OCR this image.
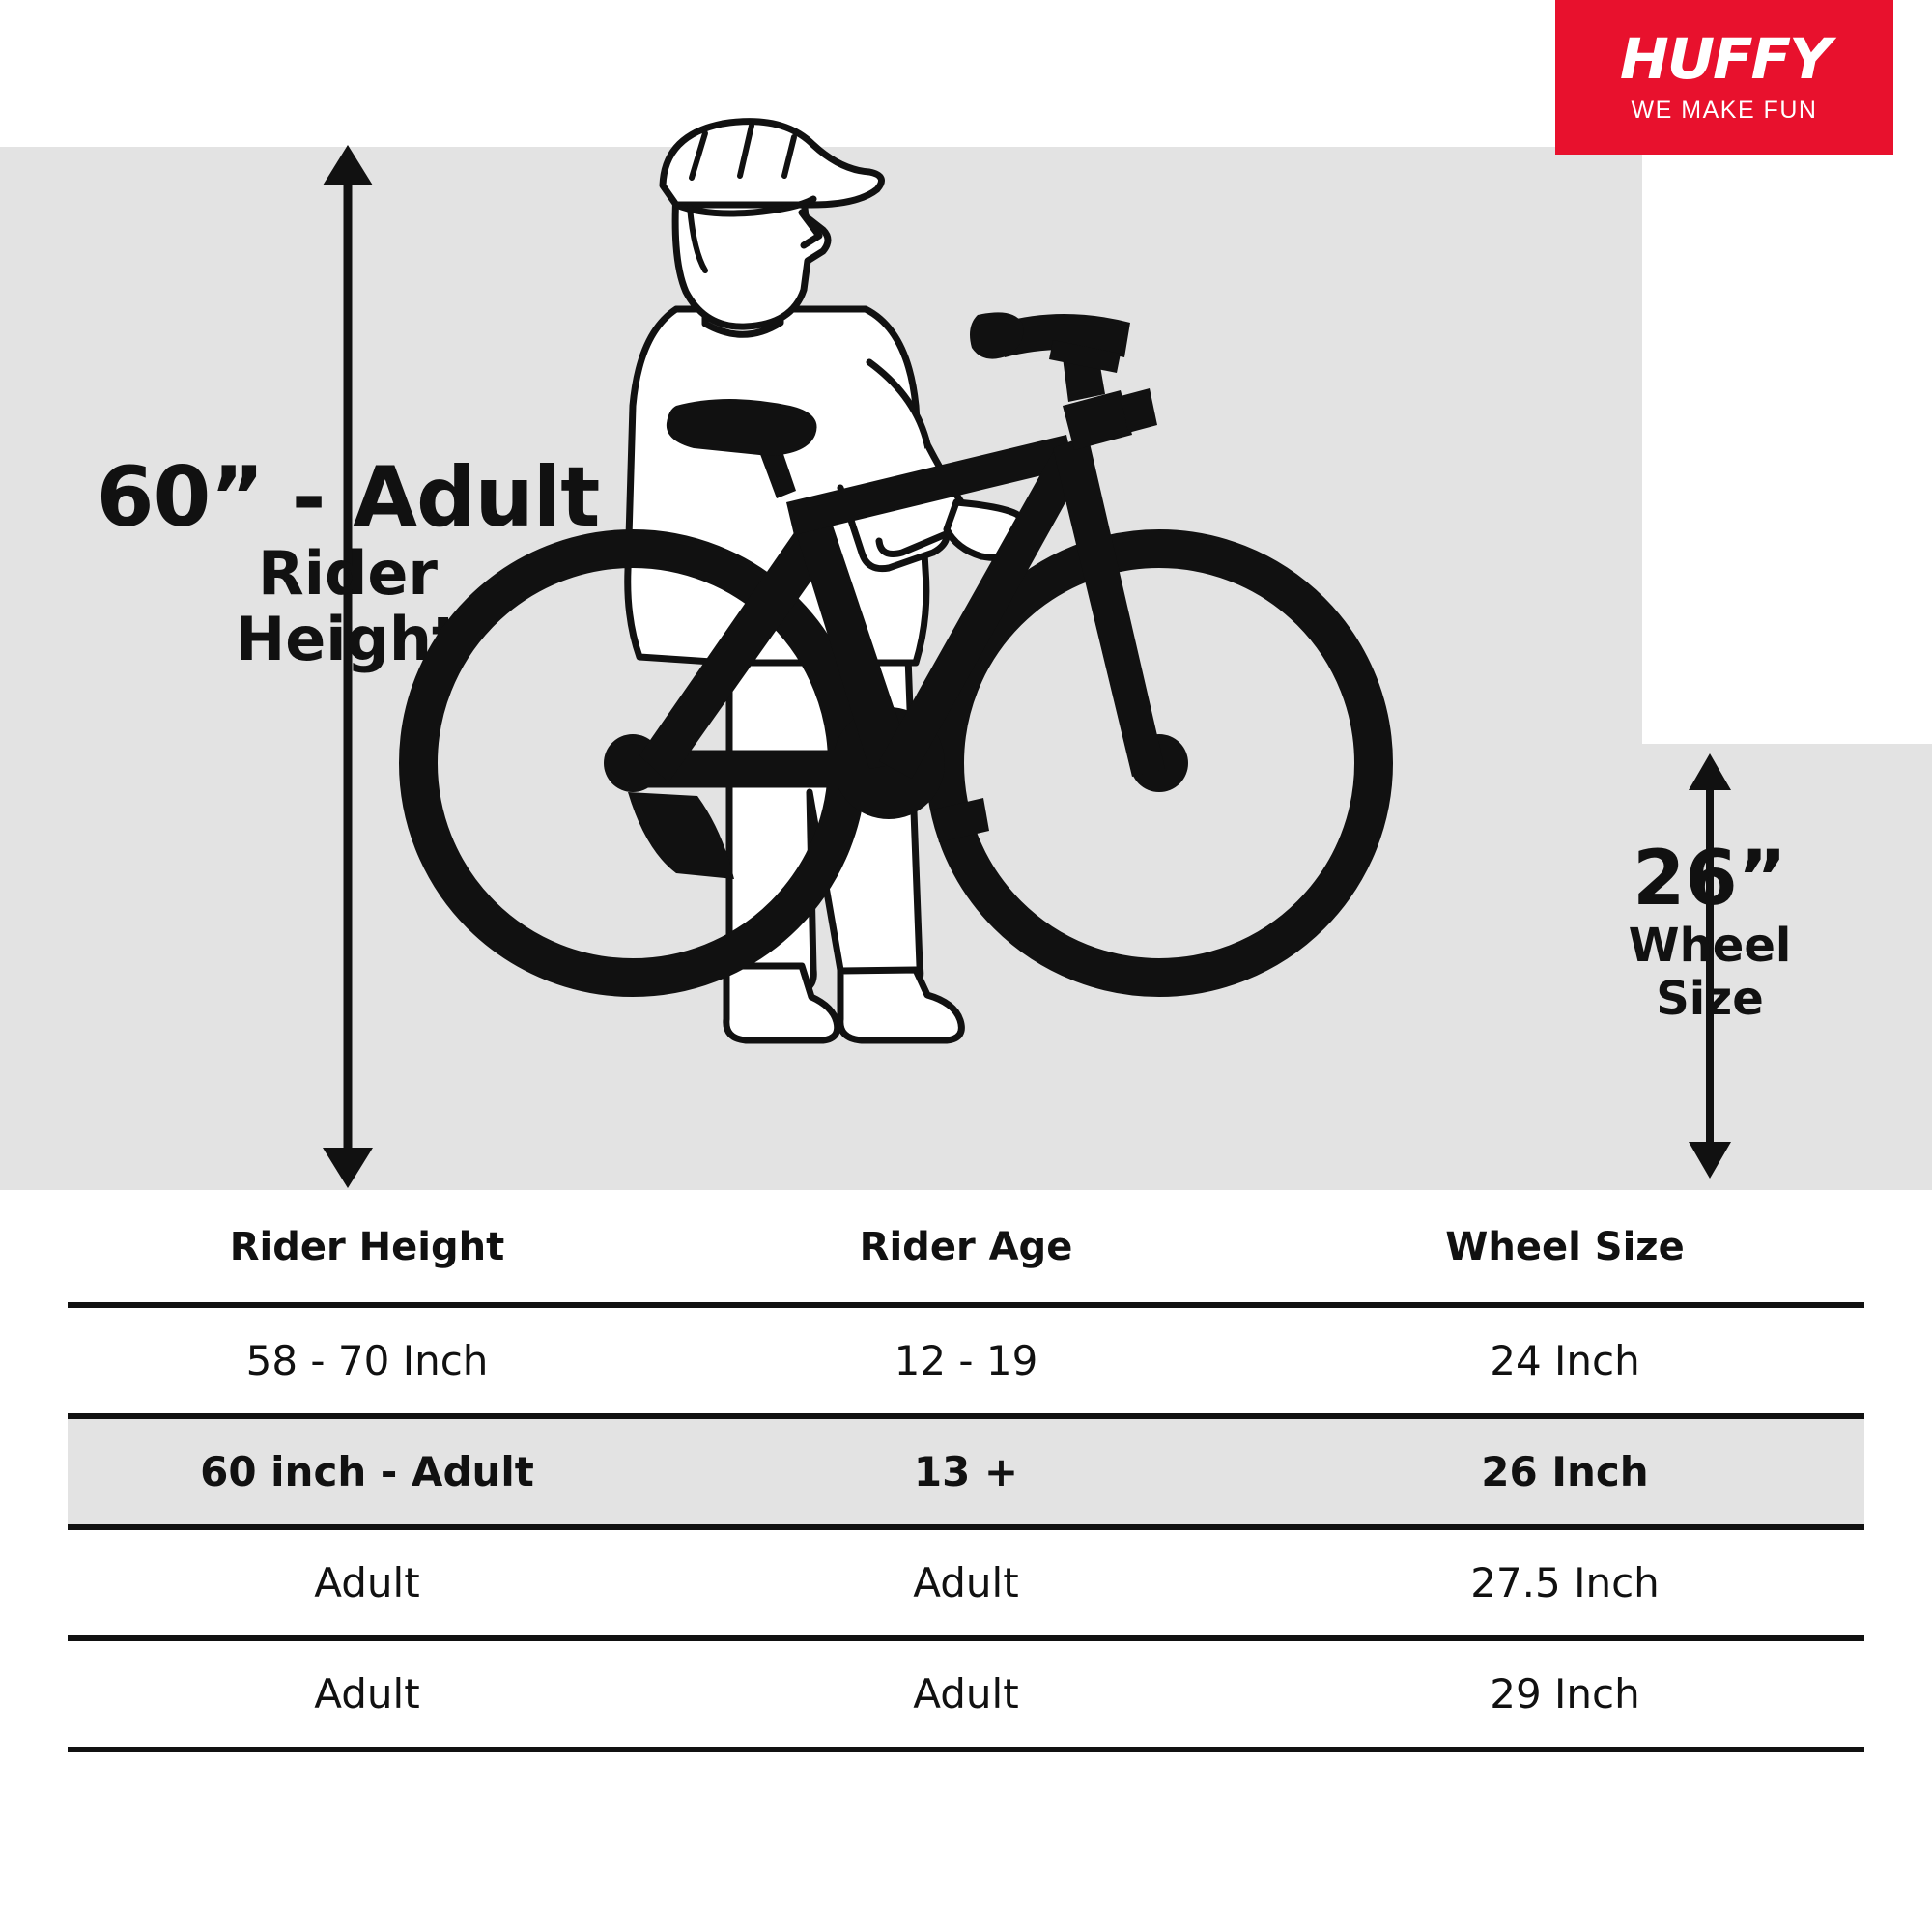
HUFFY
WE MAKE FUN
60” - Adult
Rider
Height
26”
Wheel
Size
Rider Height	Rider Age	Wheel Size
58 - 70 Inch	12 - 19	24 Inch
60 inch - Adult	13 +	26 Inch
Adult	Adult	27.5 Inch
Adult	Adult	29 Inch
